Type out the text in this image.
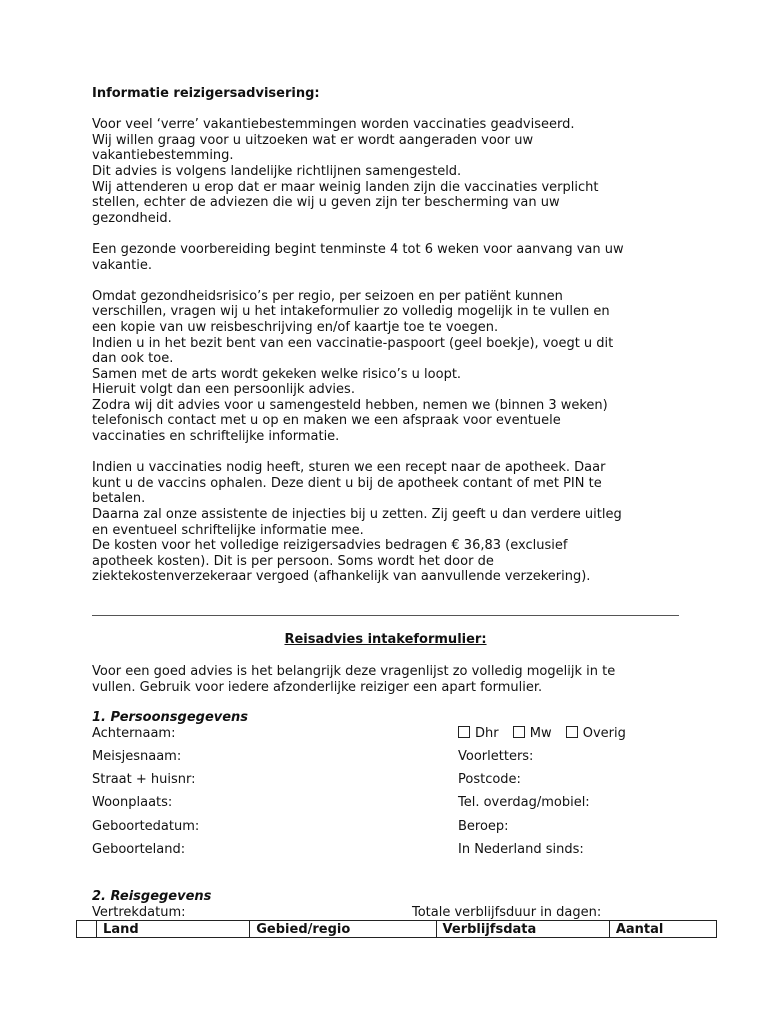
Informatie reizigersadvisering:

Voor veel ‘verre’ vakantiebestemmingen worden vaccinaties geadviseerd.
Wij willen graag voor u uitzoeken wat er wordt aangeraden voor uw
vakantiebestemming.
Dit advies is volgens landelijke richtlijnen samengesteld.
Wij attenderen u erop dat er maar weinig landen zijn die vaccinaties verplicht
stellen, echter de adviezen die wij u geven zijn ter bescherming van uw
gezondheid.

Een gezonde voorbereiding begint tenminste 4 tot 6 weken voor aanvang van uw
vakantie.

Omdat gezondheidsrisico’s per regio, per seizoen en per patiënt kunnen
verschillen, vragen wij u het intakeformulier zo volledig mogelijk in te vullen en
een kopie van uw reisbeschrijving en/of kaartje toe te voegen.
Indien u in het bezit bent van een vaccinatie-paspoort (geel boekje), voegt u dit
dan ook toe.
Samen met de arts wordt gekeken welke risico’s u loopt.
Hieruit volgt dan een persoonlijk advies.
Zodra wij dit advies voor u samengesteld hebben, nemen we (binnen 3 weken)
telefonisch contact met u op en maken we een afspraak voor eventuele
vaccinaties en schriftelijke informatie.

Indien u vaccinaties nodig heeft, sturen we een recept naar de apotheek. Daar
kunt u de vaccins ophalen. Deze dient u bij de apotheek contant of met PIN te
betalen.
Daarna zal onze assistente de injecties bij u zetten. Zij geeft u dan verdere uitleg
en eventueel schriftelijke informatie mee.
De kosten voor het volledige reizigersadvies bedragen € 36,83 (exclusief
apotheek kosten). Dit is per persoon. Soms wordt het door de
ziektekostenverzekeraar vergoed (afhankelijk van aanvullende verzekering).

Reisadvies intakeformulier:
Voor een goed advies is het belangrijk deze vragenlijst zo volledig mogelijk in te
vullen. Gebruik voor iedere afzonderlijke reiziger een apart formulier.
1. Persoonsgegevens
Achternaam:	Dhr Mw Overig
Meisjesnaam:	Voorletters:
Straat + huisnr:	Postcode:
Woonplaats:	Tel. overdag/mobiel:
Geboortedatum:	Beroep:
Geboorteland:	In Nederland sinds:
2. Reisgegevens
Vertrekdatum:	Totale verblijfsduur in dagen:
	Land	Gebied/regio	Verblijfsdata	Aantal
